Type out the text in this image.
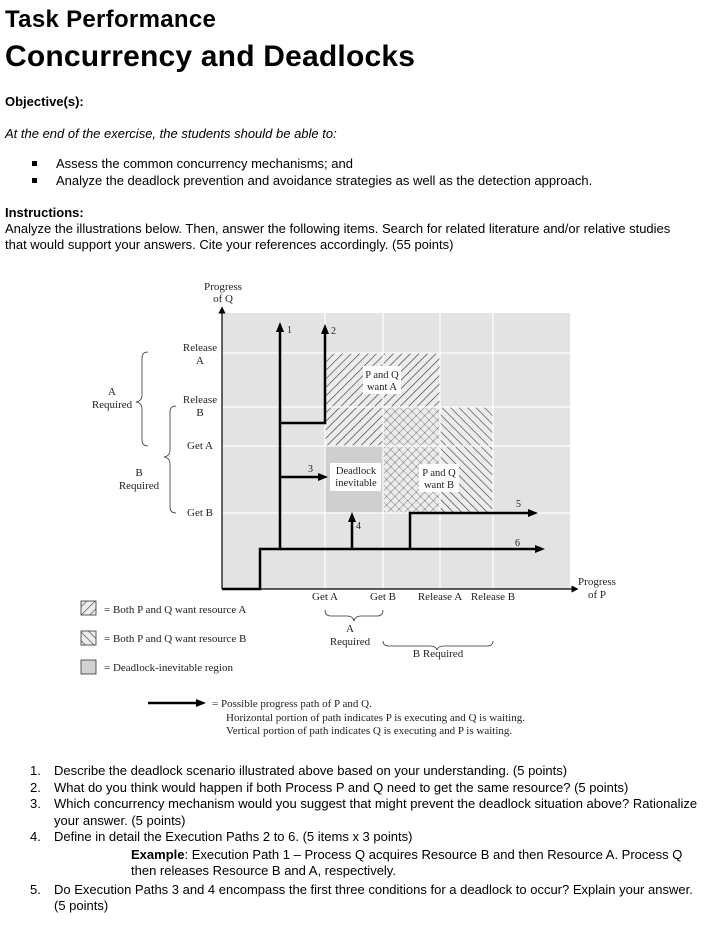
Task Performance
Concurrency and Deadlocks
Objective(s):
At the end of the exercise, the students should be able to:
Assess the common concurrency mechanisms; and
Analyze the deadlock prevention and avoidance strategies as well as the detection approach.
Instructions:
Analyze the illustrations below. Then, answer the following items. Search for related literature and/or relative studies that would support your answers. Cite your references accordingly. (55 points)
1	2
3
4
5
6
P and Q
want A
Deadlock
inevitable
P and Q
want B
Progress
of Q
Release
A
Release
B
Get A
Get B
A
Required
B
Required
Get A	Get B Release A Release B
Progress
of P
A
Required
B Required
= Both P and Q want resource A
= Both P and Q want resource B
= Deadlock-inevitable region
= Possible progress path of P and Q.
Horizontal portion of path indicates P is executing and Q is waiting.
Vertical portion of path indicates Q is executing and P is waiting.
1. Describe the deadlock scenario illustrated above based on your understanding. (5 points)
2. What do you think would happen if both Process P and Q need to get the same resource? (5 points)
3. Which concurrency mechanism would you suggest that might prevent the deadlock situation above? Rationalize your answer. (5 points)
4. Define in detail the Execution Paths 2 to 6. (5 items x 3 points)
Example: Execution Path 1 – Process Q acquires Resource B and then Resource A. Process Q then releases Resource B and A, respectively.
5. Do Execution Paths 3 and 4 encompass the first three conditions for a deadlock to occur? Explain your answer. (5 points)
